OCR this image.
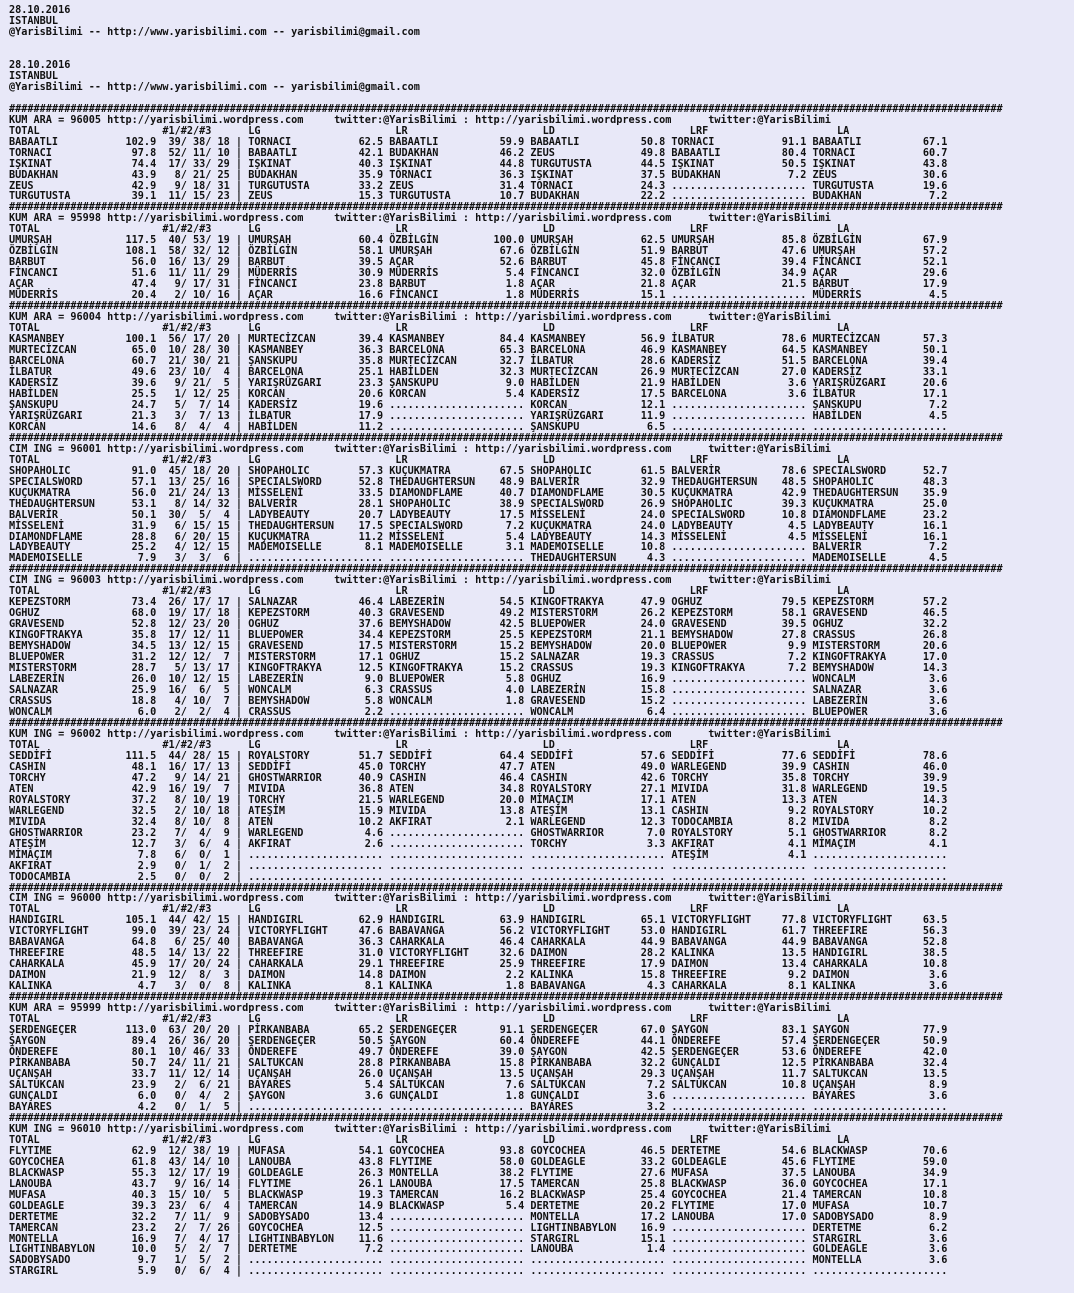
28.10.2016
ISTANBUL
@YarisBilimi -- http://www.yarisbilimi.com -- yarisbilimi@gmail.com

28.10.2016
ISTANBUL
@YarisBilimi -- http://www.yarisbilimi.com -- yarisbilimi@gmail.com

##################################################################################################################################################################
KUM ARA = 96005 http://yarisbilimi.wordpress.com     twitter:@YarisBilimi : http://yarisbilimi.wordpress.com      twitter:@YarisBilimi
TOTAL                    #1/#2/#3      LG                      LR                      LD                      LRF                     LA
BABAATLI           102.9  39/ 38/ 18 | TORNACI           62.5 BABAATLI          59.9 BABAATLI          50.8 TORNACI           91.1 BABAATLI          67.1
TORNACI             97.8  52/ 11/ 10 | BABAATLI          42.1 BUDAKHAN          46.2 ZEUS              49.8 BABAATLI          80.4 TORNACI           60.7
IŞKINAT             74.4  17/ 33/ 29 | IŞKINAT           40.3 IŞKINAT           44.8 TURGUTUSTA        44.5 IŞKINAT           50.5 IŞKINAT           43.8
BUDAKHAN            43.9   8/ 21/ 25 | BUDAKHAN          35.9 TORNACI           36.3 IŞKINAT           37.5 BUDAKHAN           7.2 ZEUS              30.6
ZEUS                42.9   9/ 18/ 31 | TURGUTUSTA        33.2 ZEUS              31.4 TORNACI           24.3 ...................... TURGUTUSTA        19.6
TURGUTUSTA          39.1  11/ 15/ 23 | ZEUS              15.3 TURGUTUSTA        10.7 BUDAKHAN          22.2 ...................... BUDAKHAN           7.2
##################################################################################################################################################################
KUM ARA = 95998 http://yarisbilimi.wordpress.com     twitter:@YarisBilimi : http://yarisbilimi.wordpress.com      twitter:@YarisBilimi
TOTAL                    #1/#2/#3      LG                      LR                      LD                      LRF                     LA
UMURŞAH            117.5  40/ 53/ 19 | UMURŞAH           60.4 ÖZBİLGİN         100.0 UMURŞAH           62.5 UMURŞAH           85.8 ÖZBİLGİN          67.9
ÖZBİLGİN           108.1  58/ 32/ 12 | ÖZBİLGİN          58.1 UMURŞAH           67.6 ÖZBİLGİN          51.9 BARBUT            47.6 UMURŞAH           57.2
BARBUT              56.0  16/ 13/ 29 | BARBUT            39.5 AÇAR              52.6 BARBUT            45.8 FİNCANCI          39.4 FİNCANCI          52.1
FİNCANCI            51.6  11/ 11/ 29 | MÜDERRİS          30.9 MÜDERRİS           5.4 FİNCANCI          32.0 ÖZBİLGİN          34.9 AÇAR              29.6
AÇAR                47.4   9/ 17/ 31 | FİNCANCI          23.8 BARBUT             1.8 AÇAR              21.8 AÇAR              21.5 BARBUT            17.9
MÜDERRİS            20.4   2/ 10/ 16 | AÇAR              16.6 FİNCANCI           1.8 MÜDERRİS          15.1 ...................... MÜDERRİS           4.5
##################################################################################################################################################################
KUM ARA = 96004 http://yarisbilimi.wordpress.com     twitter:@YarisBilimi : http://yarisbilimi.wordpress.com      twitter:@YarisBilimi
TOTAL                    #1/#2/#3      LG                      LR                      LD                      LRF                     LA
KASMANBEY          100.1  56/ 17/ 20 | MURTECİZCAN       39.4 KASMANBEY         84.4 KASMANBEY         56.9 İLBATUR           78.6 MURTECİZCAN       57.3
MURTECİZCAN         65.0  10/ 28/ 30 | KASMANBEY         36.3 BARCELONA         65.3 BARCELONA         46.9 KASMANBEY         64.5 KASMANBEY         50.1
BARCELONA           60.7  21/ 30/ 21 | ŞANSKUPU          35.8 MURTECİZCAN       32.7 İLBATUR           28.6 KADERSİZ          51.5 BARCELONA         39.4
İLBATUR             49.6  23/ 10/  4 | BARCELONA         25.1 HABİLDEN          32.3 MURTECİZCAN       26.9 MURTECİZCAN       27.0 KADERSİZ          33.1
KADERSİZ            39.6   9/ 21/  5 | YARIŞRÜZGARI      23.3 ŞANSKUPU           9.0 HABİLDEN          21.9 HABİLDEN           3.6 YARIŞRÜZGARI      20.6
HABİLDEN            25.5   1/ 12/ 25 | KORCAN            20.6 KORCAN             5.4 KADERSİZ          17.5 BARCELONA          3.6 İLBATUR           17.1
ŞANSKUPU            24.7   5/  7/ 14 | KADERSİZ          19.6 ...................... KORCAN            12.1 ...................... ŞANSKUPU           7.2
YARIŞRÜZGARI        21.3   3/  7/ 13 | İLBATUR           17.9 ...................... YARIŞRÜZGARI      11.9 ...................... HABİLDEN           4.5
KORCAN              14.6   8/  4/  4 | HABİLDEN          11.2 ...................... ŞANSKUPU           6.5 ...................... ......................
##################################################################################################################################################################
CIM ING = 96001 http://yarisbilimi.wordpress.com     twitter:@YarisBilimi : http://yarisbilimi.wordpress.com      twitter:@YarisBilimi
TOTAL                    #1/#2/#3      LG                      LR                      LD                      LRF                     LA
SHOPAHOLIC          91.0  45/ 18/ 20 | SHOPAHOLIC        57.3 KUÇUKMATRA        67.5 SHOPAHOLIC        61.5 BALVERİR          78.6 SPECIALSWORD      52.7
SPECIALSWORD        57.1  13/ 25/ 16 | SPECIALSWORD      52.8 THEDAUGHTERSUN    48.9 BALVERİR          32.9 THEDAUGHTERSUN    48.5 SHOPAHOLIC        48.3
KUÇUKMATRA          56.0  21/ 24/ 13 | MİSSELENİ         33.5 DIAMONDFLAME      40.7 DIAMONDFLAME      30.5 KUÇUKMATRA        42.9 THEDAUGHTERSUN    35.9
THEDAUGHTERSUN      53.1   8/ 14/ 32 | BALVERİR          28.1 SHOPAHOLIC        38.9 SPECIALSWORD      26.9 SHOPAHOLIC        39.3 KUÇUKMATRA        25.0
BALVERİR            50.1  30/  5/  4 | LADYBEAUTY        20.7 LADYBEAUTY        17.5 MİSSELENİ         24.0 SPECIALSWORD      10.8 DIAMONDFLAME      23.2
MİSSELENİ           31.9   6/ 15/ 15 | THEDAUGHTERSUN    17.5 SPECIALSWORD       7.2 KUÇUKMATRA        24.0 LADYBEAUTY         4.5 LADYBEAUTY        16.1
DIAMONDFLAME        28.8   6/ 20/ 15 | KUÇUKMATRA        11.2 MİSSELENİ          5.4 LADYBEAUTY        14.3 MİSSELENİ          4.5 MİSSELENİ         16.1
LADYBEAUTY          25.2   4/ 12/ 15 | MADEMOISELLE       8.1 MADEMOISELLE       3.1 MADEMOISELLE      10.8 ...................... BALVERİR           7.2
MADEMOISELLE         7.9   3/  3/  6 | ...................... ...................... THEDAUGHTERSUN     4.3 ...................... MADEMOISELLE       4.5
##################################################################################################################################################################
CIM ING = 96003 http://yarisbilimi.wordpress.com     twitter:@YarisBilimi : http://yarisbilimi.wordpress.com      twitter:@YarisBilimi
TOTAL                    #1/#2/#3      LG                      LR                      LD                      LRF                     LA
KEPEZSTORM          73.4  26/ 17/ 17 | SALNAZAR          46.4 LABEZERİN         54.5 KINGOFTRAKYA      47.9 OGHUZ             79.5 KEPEZSTORM        57.2
OGHUZ               68.0  19/ 17/ 18 | KEPEZSTORM        40.3 GRAVESEND         49.2 MISTERSTORM       26.2 KEPEZSTORM        58.1 GRAVESEND         46.5
GRAVESEND           52.8  12/ 23/ 20 | OGHUZ             37.6 BEMYSHADOW        42.5 BLUEPOWER         24.0 GRAVESEND         39.5 OGHUZ             32.2
KINGOFTRAKYA        35.8  17/ 12/ 11 | BLUEPOWER         34.4 KEPEZSTORM        25.5 KEPEZSTORM        21.1 BEMYSHADOW        27.8 CRASSUS           26.8
BEMYSHADOW          34.5  13/ 12/ 15 | GRAVESEND         17.5 MISTERSTORM       15.2 BEMYSHADOW        20.0 BLUEPOWER          9.9 MISTERSTORM       20.6
BLUEPOWER           31.2  12/ 12/  7 | MISTERSTORM       17.1 OGHUZ             15.2 SALNAZAR          19.3 CRASSUS            7.2 KINGOFTRAKYA      17.0
MISTERSTORM         28.7   5/ 13/ 17 | KINGOFTRAKYA      12.5 KINGOFTRAKYA      15.2 CRASSUS           19.3 KINGOFTRAKYA       7.2 BEMYSHADOW        14.3
LABEZERİN           26.0  10/ 12/ 15 | LABEZERİN          9.0 BLUEPOWER          5.8 OGHUZ             16.9 ...................... WONCALM            3.6
SALNAZAR            25.9  16/  6/  5 | WONCALM            6.3 CRASSUS            4.0 LABEZERİN         15.8 ...................... SALNAZAR           3.6
CRASSUS             18.8   4/ 10/  7 | BEMYSHADOW         5.8 WONCALM            1.8 GRAVESEND         15.2 ...................... LABEZERİN          3.6
WONCALM              6.0   2/  2/  4 | CRASSUS            2.2 ...................... WONCALM            6.4 ...................... BLUEPOWER          3.6
##################################################################################################################################################################
KUM ING = 96002 http://yarisbilimi.wordpress.com     twitter:@YarisBilimi : http://yarisbilimi.wordpress.com      twitter:@YarisBilimi
TOTAL                    #1/#2/#3      LG                      LR                      LD                      LRF                     LA
SEDDİFİ            111.5  44/ 28/ 15 | ROYALSTORY        51.7 SEDDİFİ           64.4 SEDDİFİ           57.6 SEDDİFİ           77.6 SEDDİFİ           78.6
CASHIN              48.1  16/ 17/ 13 | SEDDİFİ           45.0 TORCHY            47.7 ATEN              49.0 WARLEGEND         39.9 CASHIN            46.0
TORCHY              47.2   9/ 14/ 21 | GHOSTWARRIOR      40.9 CASHIN            46.4 CASHIN            42.6 TORCHY            35.8 TORCHY            39.9
ATEN                42.9  16/ 19/  7 | MIVIDA            36.8 ATEN              34.8 ROYALSTORY        27.1 MIVIDA            31.8 WARLEGEND         19.5
ROYALSTORY          37.2   8/ 10/ 19 | TORCHY            21.5 WARLEGEND         20.0 MİMAÇIM           17.1 ATEN              13.3 ATEN              14.3
WARLEGEND           32.5   2/ 10/ 18 | ATEŞİM            15.9 MIVIDA            13.8 ATEŞİM            13.1 CASHIN             9.2 ROYALSTORY        10.2
MIVIDA              32.4   8/ 10/  8 | ATEN              10.2 AKFIRAT            2.1 WARLEGEND         12.3 TODOCAMBIA         8.2 MIVIDA             8.2
GHOSTWARRIOR        23.2   7/  4/  9 | WARLEGEND          4.6 ...................... GHOSTWARRIOR       7.0 ROYALSTORY         5.1 GHOSTWARRIOR       8.2
ATEŞİM              12.7   3/  6/  4 | AKFIRAT            2.6 ...................... TORCHY             3.3 AKFIRAT            4.1 MİMAÇIM            4.1
MİMAÇIM              7.8   6/  0/  1 | ...................... ...................... ...................... ATEŞİM             4.1 ......................
AKFIRAT              2.9   0/  1/  2 | ...................... ...................... ...................... ...................... ......................
TODOCAMBIA           2.5   0/  0/  2 | ...................... ...................... ...................... ...................... ......................
##################################################################################################################################################################
CIM ING = 96000 http://yarisbilimi.wordpress.com     twitter:@YarisBilimi : http://yarisbilimi.wordpress.com      twitter:@YarisBilimi
TOTAL                    #1/#2/#3      LG                      LR                      LD                      LRF                     LA
HANDIGIRL          105.1  44/ 42/ 15 | HANDIGIRL         62.9 HANDIGIRL         63.9 HANDIGIRL         65.1 VICTORYFLIGHT     77.8 VICTORYFLIGHT     63.5
VICTORYFLIGHT       99.0  39/ 23/ 24 | VICTORYFLIGHT     47.6 BABAVANGA         56.2 VICTORYFLIGHT     53.0 HANDIGIRL         61.7 THREEFIRE         56.3
BABAVANGA           64.8   6/ 25/ 40 | BABAVANGA         36.3 CAHARKALA         46.4 CAHARKALA         44.9 BABAVANGA         44.9 BABAVANGA         52.8
THREEFIRE           48.5  14/ 13/ 22 | THREEFIRE         31.0 VICTORYFLIGHT     32.6 DAIMON            28.2 KALINKA           13.5 HANDIGIRL         38.5
CAHARKALA           45.9  17/ 20/ 24 | CAHARKALA         29.1 THREEFIRE         25.9 THREEFIRE         17.9 DAIMON            13.4 CAHARKALA         10.8
DAIMON              21.9  12/  8/  3 | DAIMON            14.8 DAIMON             2.2 KALINKA           15.8 THREEFIRE          9.2 DAIMON             3.6
KALINKA              4.7   3/  0/  8 | KALINKA            8.1 KALINKA            1.8 BABAVANGA          4.3 CAHARKALA          8.1 KALINKA            3.6
##################################################################################################################################################################
KUM ARA = 95999 http://yarisbilimi.wordpress.com     twitter:@YarisBilimi : http://yarisbilimi.wordpress.com      twitter:@YarisBilimi
TOTAL                    #1/#2/#3      LG                      LR                      LD                      LRF                     LA
ŞERDENGEÇER        113.0  63/ 20/ 20 | PİRKANBABA        65.2 ŞERDENGEÇER       91.1 ŞERDENGEÇER       67.0 ŞAYGON            83.1 ŞAYGON            77.9
ŞAYGON              89.4  26/ 36/ 20 | ŞERDENGEÇER       50.5 ŞAYGON            60.4 ÖNDEREFE          44.1 ÖNDEREFE          57.4 ŞERDENGEÇER       50.9
ÖNDEREFE            80.1  10/ 46/ 33 | ÖNDEREFE          49.7 ÖNDEREFE          39.0 ŞAYGON            42.5 ŞERDENGEÇER       53.6 ÖNDEREFE          42.0
PİRKANBABA          50.7  24/ 11/ 21 | SALTUKCAN         28.8 PİRKANBABA        15.8 PİRKANBABA        32.2 GUNÇALDI          12.5 PİRKANBABA        32.4
UÇANŞAH             33.7  11/ 12/ 14 | UÇANŞAH           26.0 UÇANŞAH           13.5 UÇANŞAH           29.3 UÇANŞAH           11.7 SALTUKCAN         13.5
SALTUKCAN           23.9   2/  6/ 21 | BAYARES            5.4 SALTUKCAN          7.6 SALTUKCAN          7.2 SALTUKCAN         10.8 UÇANŞAH            8.9
GUNÇALDI             6.0   0/  4/  2 | ŞAYGON             3.6 GUNÇALDI           1.8 GUNÇALDI           3.6 ...................... BAYARES            3.6
BAYARES              4.2   0/  1/  5 | ...................... ...................... BAYARES            3.2 ...................... ......................
##################################################################################################################################################################
KUM ING = 96010 http://yarisbilimi.wordpress.com     twitter:@YarisBilimi : http://yarisbilimi.wordpress.com      twitter:@YarisBilimi
TOTAL                    #1/#2/#3      LG                      LR                      LD                      LRF                     LA
FLYTIME             62.9  12/ 38/ 19 | MUFASA            54.1 GOYCOCHEA         93.8 GOYCOCHEA         46.5 DERTETME          54.6 BLACKWASP         70.6
GOYCOCHEA           61.8  43/ 14/ 10 | LANOUBA           43.8 FLYTIME           58.0 GOLDEAGLE         33.2 GOLDEAGLE         45.6 FLYTIME           59.0
BLACKWASP           55.3  12/ 17/ 19 | GOLDEAGLE         26.3 MONTELLA          38.2 FLYTIME           27.6 MUFASA            37.5 LANOUBA           34.9
LANOUBA             43.7   9/ 16/ 14 | FLYTIME           26.1 LANOUBA           17.5 TAMERCAN          25.8 BLACKWASP         36.0 GOYCOCHEA         17.1
MUFASA              40.3  15/ 10/  5 | BLACKWASP         19.3 TAMERCAN          16.2 BLACKWASP         25.4 GOYCOCHEA         21.4 TAMERCAN          10.8
GOLDEAGLE           39.3  23/  6/  4 | TAMERCAN          14.9 BLACKWASP          5.4 DERTETME          20.2 FLYTIME           17.0 MUFASA            10.7
DERTETME            32.2   7/ 11/  9 | SADOBYSADO        13.4 ...................... MONTELLA          17.2 LANOUBA           17.0 SADOBYSADO         8.9
TAMERCAN            23.2   2/  7/ 26 | GOYCOCHEA         12.5 ...................... LIGHTINBABYLON    16.9 ...................... DERTETME           6.2
MONTELLA            16.9   7/  4/ 17 | LIGHTINBABYLON    11.6 ...................... STARGIRL          15.1 ...................... STARGIRL           3.6
LIGHTINBABYLON      10.0   5/  2/  7 | DERTETME           7.2 ...................... LANOUBA            1.4 ...................... GOLDEAGLE          3.6
SADOBYSADO           9.7   1/  5/  2 | ...................... ...................... ...................... ...................... MONTELLA           3.6
STARGIRL             5.9   0/  6/  4 | ...................... ...................... ...................... ...................... ......................
